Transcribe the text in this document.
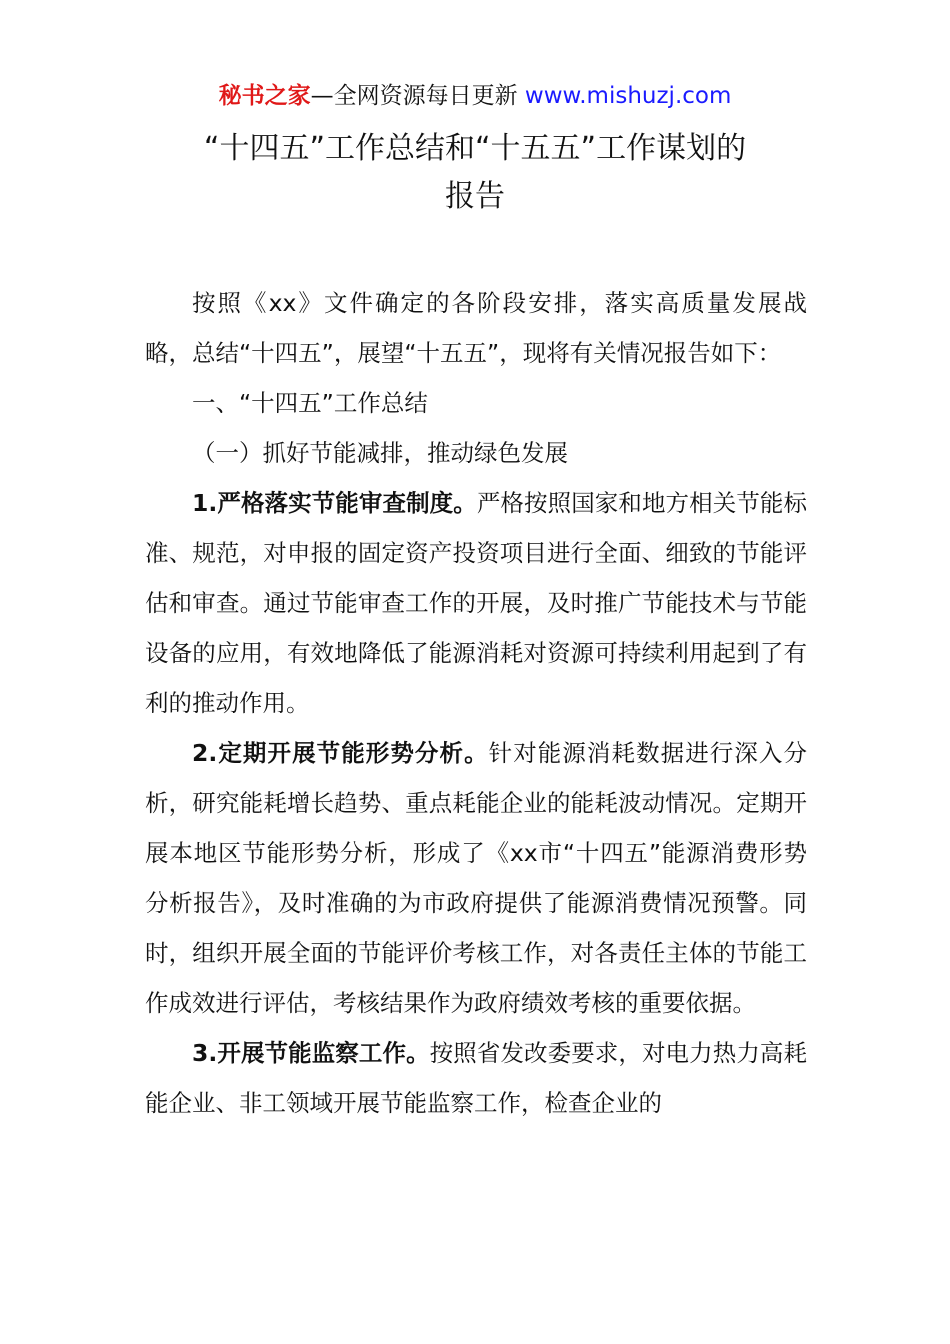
秘书之家—全网资源每日更新 www.mishuzj.com
“十四五”工作总结和“十五五”工作谋划的
报告

按照《xx》文件确定的各阶段安排，落实高质量发展战略，总结“十四五”，展望“十五五”，现将有关情况报告如下：

一、“十四五”工作总结

（一）抓好节能减排，推动绿色发展

1.严格落实节能审查制度。严格按照国家和地方相关节能标准、规范，对申报的固定资产投资项目进行全面、细致的节能评估和审查。通过节能审查工作的开展，及时推广节能技术与节能设备的应用，有效地降低了能源消耗对资源可持续利用起到了有利的推动作用。

2.定期开展节能形势分析。针对能源消耗数据进行深入分析，研究能耗增长趋势、重点耗能企业的能耗波动情况。定期开展本地区节能形势分析，形成了《xx市“十四五”能源消费形势分析报告》，及时准确的为市政府提供了能源消费情况预警。同时，组织开展全面的节能评价考核工作，对各责任主体的节能工作成效进行评估，考核结果作为政府绩效考核的重要依据。

3.开展节能监察工作。按照省发改委要求，对电力热力高耗能企业、非工领域开展节能监察工作，检查企业的
